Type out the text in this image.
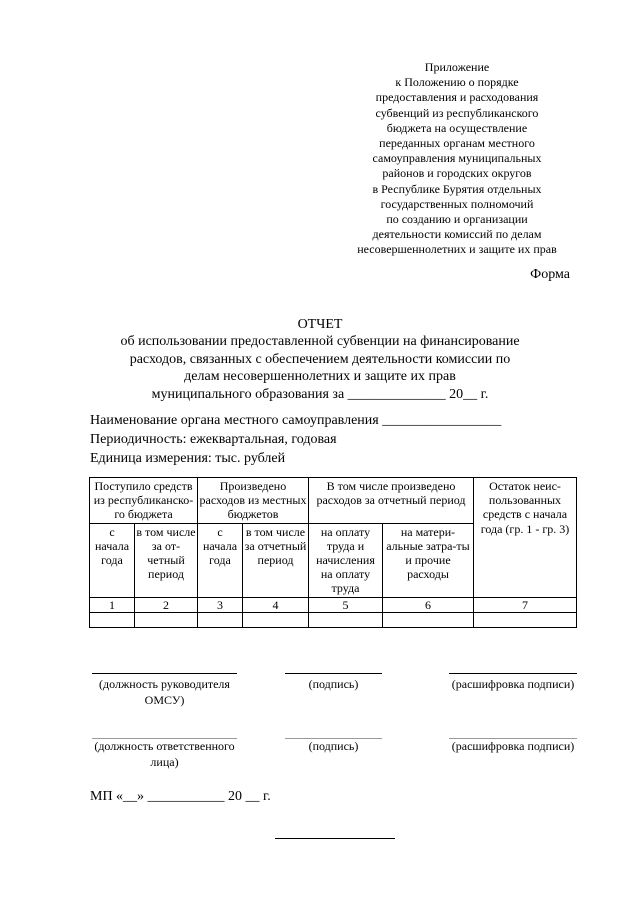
Приложение
к Положению о порядке
предоставления и расходования
субвенций из республиканского
бюджета на осуществление
переданных органам местного
самоуправления муниципальных
районов и городских округов
в Республике Бурятия отдельных
государственных полномочий
по созданию и организации
деятельности комиссий по делам
несовершеннолетних и защите их прав
Форма
ОТЧЕТ
об использовании предоставленной субвенции на финансирование
расходов, связанных с обеспечением деятельности комиссии по
делам несовершеннолетних и защите их прав
муниципального образования за ______________ 20__ г.
Наименование органа местного самоуправления _________________
Периодичность: ежеквартальная, годовая
Единица измерения: тыс. рублей
Поступило средств из республиканско-го бюджета		Произведено расходов из местных бюджетов		В том числе произведено расходов за отчетный период		Остаток неис-пользованных средств с начала года (гр. 1 - гр. 3)
с начала года	в том числе за от-четный период	с начала года	в том числе за отчетный период	на оплату труда и начисления на оплату труда	на матери-альные затра-ты и прочие расходы	
1	2	3	4	5	6	7

(должность руководителя ОМСУ)
(подпись)	(расшифровка подписи)
(должность ответственного лица)
(подпись)	(расшифровка подписи)
МП «__» ___________ 20 __ г.
